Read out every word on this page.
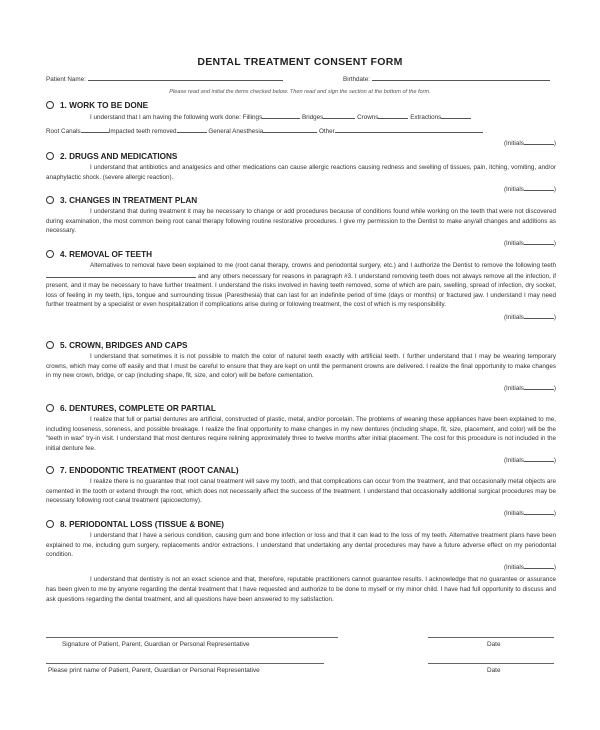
DENTAL TREATMENT CONSENT FORM
Patient Name:	Birthdate:
Please read and initial the items checked below. Then read and sign the section at the bottom of the form.
1. WORK TO BE DONE
I understand that I am having the following work done: Fillings	Bridges	Crowns	Extractions
Root Canals	Impacted teeth removed	General Anesthesia	Other
(Initials	)
2. DRUGS AND MEDICATIONS
I understand that antibiotics and analgesics and other medications can cause allergic reactions causing redness and swelling of tissues, pain, itching, vomiting, and/or anaphylactic shock. (severe allergic reaction).
(Initials	)
3. CHANGES IN TREATMENT PLAN
I understand that during treatment it may be necessary to change or add procedures because of conditions found while working on the teeth that were not discovered during examination, the most common being root canal therapy following routine restorative procedures. I give my permission to the Dentist to make any/all changes and additions as necessary.
(Initials	)
4. REMOVAL OF TEETH
Alternatives to removal have been explained to me (root canal therapy, crowns and periodontal surgery, etc.) and I authorize the Dentist to remove the following teeth  and any others necessary for reasons in paragraph #3. I understand removing teeth does not always remove all the infection, if present, and it may be necessary to have further treatment. I understand the risks involved in having teeth removed, some of which are pain, swelling, spread of infection, dry socket, loss of feeling in my teeth, lips, tongue and surrounding tissue (Paresthesia) that can last for an indefinite period of time (days or months) or fractured jaw. I understand I may need further treatment by a specialist or even hospitalization if complications arise during or following treatment, the cost of which is my responsibility.
(Initials	)
5. CROWN, BRIDGES AND CAPS
I understand that sometimes it is not possible to match the color of naturel teeth exactly with artificial teeth. I further understand that I may be wearing temporary crowns, which may come off easily and that I must be careful to ensure that they are kept on until the permanent crowns are delivered. I realize the final opportunity to make changes in my new crown, bridge, or cap (including shape, fit, size, and color) will be before cementation.
(Initials	)
6. DENTURES, COMPLETE OR PARTIAL
I realize that full or partial dentures are artificial, constructed of plastic, metal, and/or porcelain. The problems of weaning these appliances have been explained to me, including looseness, soreness, and possible breakage. I realize the final opportunity to make changes in my new dentures (including shape, fit, size, placement, and color) will be the "teeth in wax" try-in visit. I understand that most dentures require relining approximately three to twelve months after initial placement. The cost for this procedure is not included in the initial denture fee.
(Initials	)
7. ENDODONTIC TREATMENT (ROOT CANAL)
I realize there is no guarantee that root canal treatment will save my tooth, and that complications can occur from the treatment, and that occasionally metal objects are cemented in the tooth or extend through the root, which does not necessarily affect the success of the treatment. I understand that occasionally additional surgical procedures may be necessary following root canal treatment (apicoectomy).
(Initials	)
8. PERIODONTAL LOSS (TISSUE & BONE)
I understand that I have a serious condition, causing gum and bone infection or loss and that it can lead to the loss of my teeth. Alternative treatment plans have been explained to me, including gum surgery, replacements and/or extractions. I understand that undertaking any dental procedures may have a future adverse effect on my periodontal condition.
(Initials	)
I understand that dentistry is not an exact science and that, therefore, reputable practitioners cannot guarantee results. I acknowledge that no guarantee or assurance has been given to me by anyone regarding the dental treatment that I have requested and authorize to be done to myself or my minor child. I have had full opportunity to discuss and ask questions regarding the dental treatment, and all questions have been answered to my satisfaction.
Signature of Patient, Parent, Guardian or Personal Representative	Date
Please print name of Patient, Parent, Guardian or Personal Representative	Date
